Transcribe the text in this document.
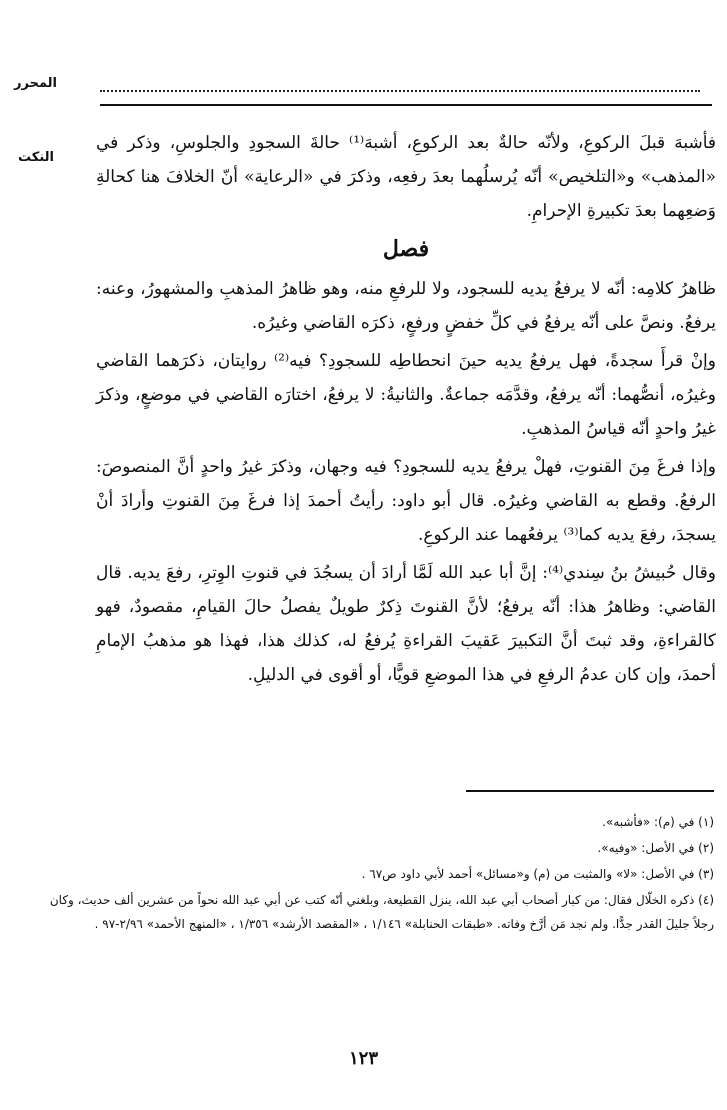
المحرر
النكت

فأشبهَ قبلَ الركوعِ، ولأنّه حالةٌ بعد الركوعِ، أشبهَ⁽¹⁾ حالةَ السجودِ والجلوسِ، وذكر في «المذهب» و«التلخيص» أنّه يُرسلُهما بعدَ رفعِه، وذكرَ في «الرعاية» أنّ الخلافَ هنا كحالةِ وَضعِهما بعدَ تكبيرةِ الإحرامِ.

فصل

ظاهرُ كلامِه: أنّه لا يرفعُ يديه للسجود، ولا للرفعِ منه، وهو ظاهرُ المذهبِ والمشهورُ، وعنه: يرفعُ. ونصَّ على أنّه يرفعُ في كلِّ خفضٍ ورفعٍ، ذكرَه القاضي وغيرُه.

وإنْ قرأَ سجدةً، فهل يرفعُ يديه حينَ انحطاطِه للسجودِ؟ فيه⁽²⁾ روايتان، ذكرَهما القاضي وغيرُه، أنصُّهما: أنّه يرفعُ، وقدَّمَه جماعةٌ. والثانيةُ: لا يرفعُ، اختارَه القاضي في موضعٍ، وذكرَ غيرُ واحدٍ أنّه قياسُ المذهبِ.

وإذا فرغَ مِنَ القنوتِ، فهلْ يرفعُ يديه للسجودِ؟ فيه وجهان، وذكرَ غيرُ واحدٍ أنَّ المنصوصَ: الرفعُ. وقطع به القاضي وغيرُه. قال أبو داود: رأيتُ أحمدَ إذا فرغَ مِنَ القنوتِ وأرادَ أنْ يسجدَ، رفعَ يديه كما⁽³⁾ يرفعُهما عند الركوعِ.

وقال حُبيشُ بنُ سِندي⁽⁴⁾: إنَّ أبا عبد الله لَمَّا أرادَ أن يسجُدَ في قنوتِ الوِترِ، رفعَ يديه. قال القاضي: وظاهرُ هذا: أنّه يرفعُ؛ لأنَّ القنوتَ ذِكرٌ طويلٌ يفصلُ حالَ القيامِ، مقصودٌ، فهو كالقراءةِ، وقد ثبتَ أنَّ التكبيرَ عَقيبَ القراءةِ يُرفعُ له، كذلك هذا، فهذا هو مذهبُ الإمامِ أحمدَ، وإن كان عدمُ الرفعِ في هذا الموضعِ قويًّا، أو أقوى في الدليلِ.

(١) في (م): «فأشبه».

(٢) في الأصل: «وفيه».

(٣) في الأصل: «لا» والمثبت من (م) و«مسائل» أحمد لأبي داود ص٦٧ .

(٤) ذكره الخلّال فقال: من كبار أصحاب أبي عبد الله، ينزل القطيعة، وبلغني أنّه كتب عن أبي عبد الله نحواً من عشرين ألف حديث، وكان رجلاً جليلَ القدر جدًّا. ولم نجد مَن أرَّخ وفاته. «طبقات الحنابلة» ١/١٤٦ ، «المقصد الأرشد» ١/٣٥٦ ، «المنهج الأحمد» ٢/٩٦-٩٧ .

١٢٣
